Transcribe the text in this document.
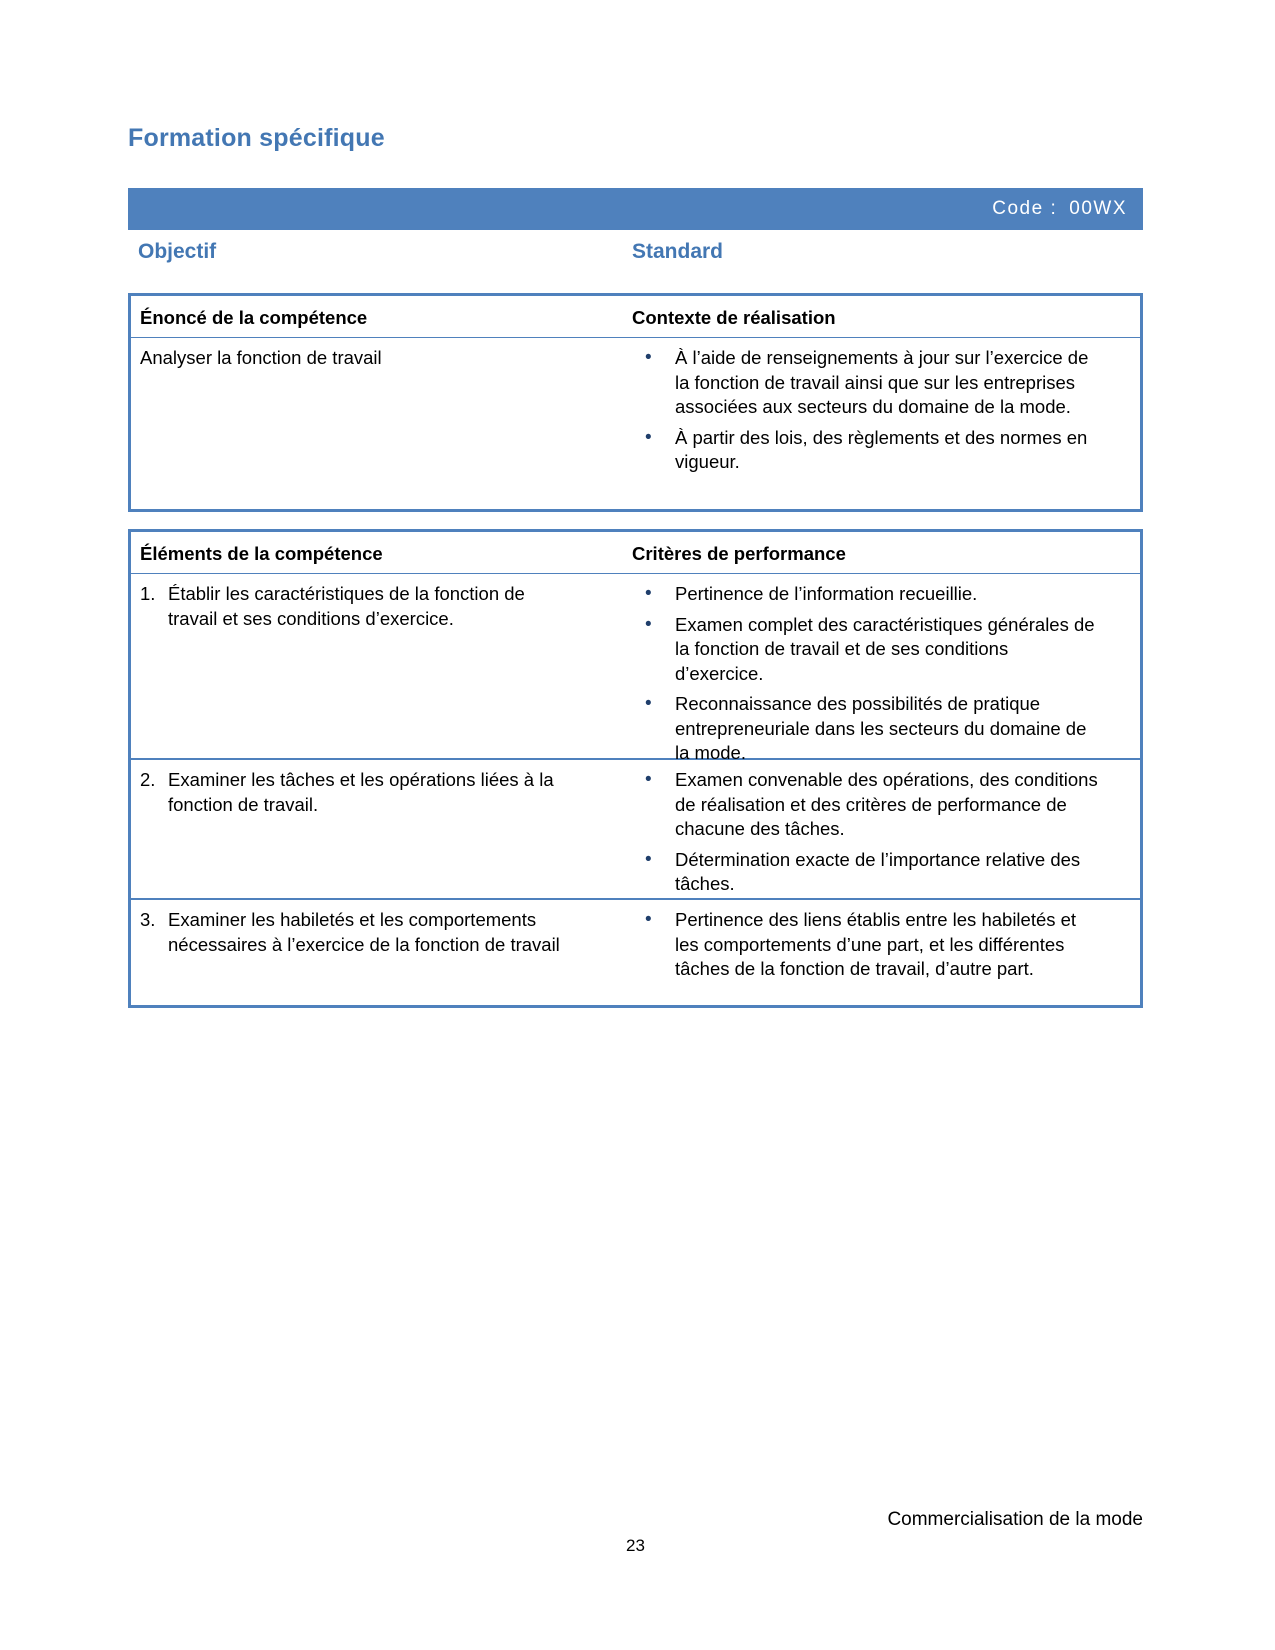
Formation spécifique
Code : 00WX
Objectif	Standard
Énoncé de la compétence	Contexte de réalisation
Analyser la fonction de travail	•	À l’aide de renseignements à jour sur l’exercice de la fonction de travail ainsi que sur les entreprises associées aux secteurs du domaine de la mode.
•	À partir des lois, des règlements et des normes en vigueur.
Éléments de la compétence	Critères de performance
1. Établir les caractéristiques de la fonction de travail et ses conditions d’exercice.
•	Pertinence de l’information recueillie.
•	Examen complet des caractéristiques générales de la fonction de travail et de ses conditions d’exercice.
•	Reconnaissance des possibilités de pratique entrepreneuriale dans les secteurs du domaine de la mode.
2. Examiner les tâches et les opérations liées à la fonction de travail.
•	Examen convenable des opérations, des conditions de réalisation et des critères de performance de chacune des tâches.
•	Détermination exacte de l’importance relative des tâches.
3. Examiner les habiletés et les comportements nécessaires à l’exercice de la fonction de travail
•	Pertinence des liens établis entre les habiletés et les comportements d’une part, et les différentes tâches de la fonction de travail, d’autre part.
Commercialisation de la mode
23
